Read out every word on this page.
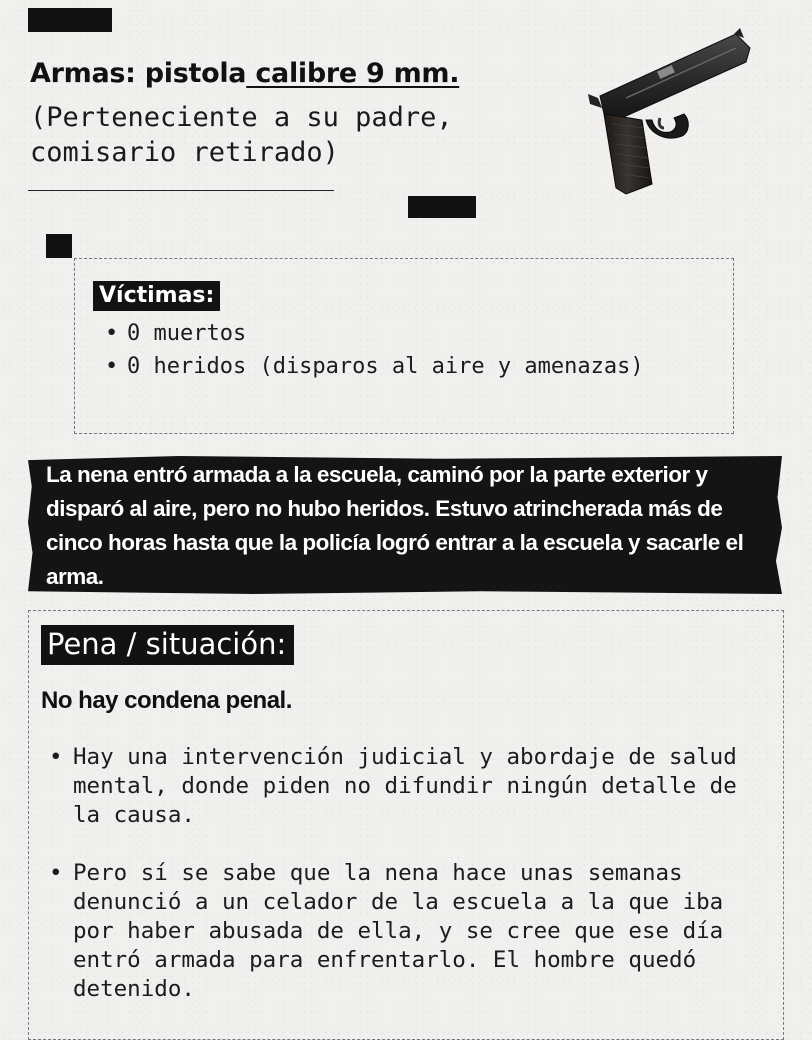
Armas: pistola calibre 9 mm.
(Perteneciente a su padre,
comisario retirado)
Víctimas:
• 0 muertos
• 0 heridos (disparos al aire y amenazas)
La nena entró armada a la escuela, caminó por la parte exterior y disparó al aire, pero no hubo heridos. Estuvo atrincherada más de cinco horas hasta que la policía logró entrar a la escuela y sacarle el arma.
Pena / situación:
No hay condena penal.
• Hay una intervención judicial y abordaje de salud mental, donde piden no difundir ningún detalle de la causa.
• Pero sí se sabe que la nena hace unas semanas denunció a un celador de la escuela a la que iba por haber abusada de ella, y se cree que ese día entró armada para enfrentarlo. El hombre quedó detenido.
